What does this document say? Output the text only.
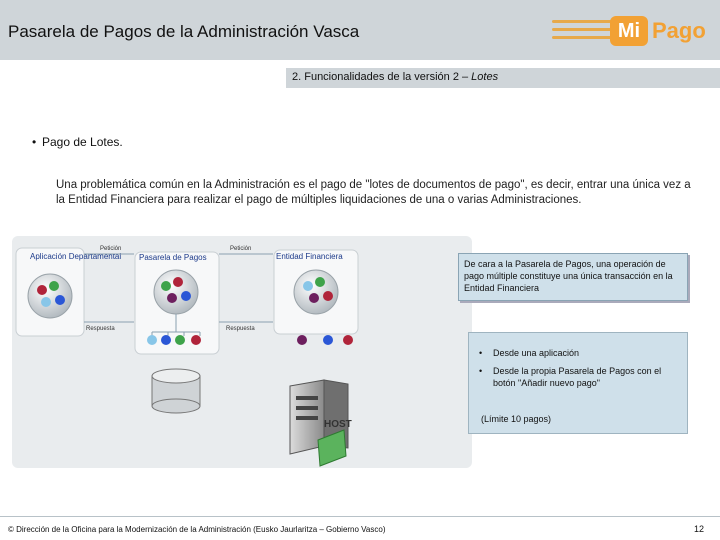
Pasarela de Pagos de la Administración Vasca	Mi Pago
2. Funcionalidades de la versión 2 – Lotes
• Pago de Lotes.
Una problemática común en la Administración es el pago de "lotes de documentos de pago", es decir, entrar una única vez a la Entidad Financiera para realizar el pago de múltiples liquidaciones de una o varias Administraciones.
Aplicación Departamental Pasarela de Pagos	Entidad Financiera
Petición	Petición
Respuesta	Respuesta
HOST
De cara a la Pasarela de Pagos, una operación de pago múltiple constituye una única transacción en la Entidad Financiera
• Desde una aplicación
• Desde la propia Pasarela de Pagos con el botón "Añadir nuevo pago"
(Límite 10 pagos)
© Dirección de la Oficina para la Modernización de la Administración (Eusko Jaurlaritza – Gobierno Vasco)	12
